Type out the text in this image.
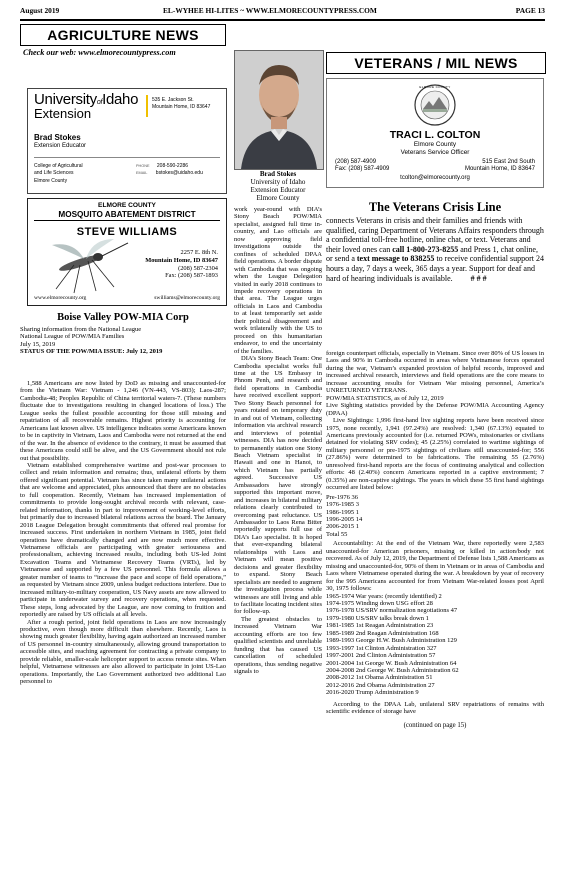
August 2019	EL-WYHEE HI-LITES ~ WWW.ELMORECOUNTYPRESS.COM	PAGE 13
AGRICULTURE NEWS
Check our web: www.elmorecountypress.com
UniversityofIdaho
Extension
535 E. Jackson St.
Mountain Home, ID 83647
Brad Stokes
Extension Educator
College of Agricultural
and Life Sciences
Elmore County
PHONE 208-590-2286
EMAIL bstokes@uidaho.edu
ELMORE COUNTY
MOSQUITO ABATEMENT DISTRICT
STEVE WILLIAMS
2257 E. 8th N.
Mountain Home, ID 83647
(208) 587-2304
Fax: (208) 587-1893
www.elmorecounty.org	swilliams@elmorecounty.org
Brad Stokes
University of Idaho
Extension Educator
Elmore County
VETERANS / MIL NEWS
ELMORE COUNTY
TRACI L. COLTON
Elmore County
Veterans Service Officer
(208) 587-4909
Fax: (208) 587-4909
515 East 2nd South
Mountain Home, ID 83647
tcolton@elmorecounty.org
The Veterans Crisis Line
connects Veterans in crisis and their families and friends with qualified, caring Department of Veterans Affairs responders through a confidential toll-free hotline, online chat, or text. Veterans and their loved ones can call 1-800-273-8255 and Press 1, chat online, or send a text message to 838255 to receive confidential support 24 hours a day, 7 days a week, 365 days a year. Support for deaf and hard of hearing individuals is available. # # #
Boise Valley POW-MIA Corp
Sharing information from the National League
National League of POW/MIA Families
July 15, 2019
STATUS OF THE POW/MIA ISSUE: July 12, 2019

1,588 Americans are now listed by DoD as missing and unaccounted-for from the Vietnam War: Vietnam - 1,246 (VN-443, VS-803); Laos-287; Cambodia-48; Peoples Republic of China territorial waters-7. (These numbers fluctuate due to investigations resulting in changed locations of loss.) The League seeks the fullest possible accounting for those still missing and repatriation of all recoverable remains. Highest priority is accounting for Americans last known alive. US intelligence indicates some Americans known to be in captivity in Vietnam, Laos and Cambodia were not returned at the end of the war. In the absence of evidence to the contrary, it must be assumed that these Americans could still be alive, and the US Government should not rule out that possibility.

Vietnam established comprehensive wartime and post-war processes to collect and retain information and remains; thus, unilateral efforts by them offered significant potential. Vietnam has since taken many unilateral actions that are welcome and appreciated, plus announced that there are no obstacles to full cooperation. Recently, Vietnam has increased implementation of commitments to provide long-sought archival records with relevant, case-related information, thanks in part to improvement of working-level efforts, but primarily due to increased bilateral relations across the board. The January 2018 League Delegation brought commitments that offered real promise for increased success. First undertaken in northern Vietnam in 1985, joint field operations have dramatically changed and are now much more effective. Vietnamese officials are participating with greater seriousness and professionalism, achieving increased results, including both US-led Joint Excavation Teams and Vietnamese Recovery Teams (VRTs), led by Vietnamese and supported by a few US personnel. This formula allows a greater number of teams to “increase the pace and scope of field operations,” as requested by Vietnam since 2009, unless budget reductions interfere. Due to increased military-to-military cooperation, US Navy assets are now allowed to participate in underwater survey and recovery operations, when requested. These steps, long advocated by the League, are now coming to fruition and reportedly are raised by US officials at all levels.

After a rough period, joint field operations in Laos are now increasingly productive, even though more difficult than elsewhere. Recently, Laos is showing much greater flexibility, having again authorized an increased number of US personnel in-country simultaneously, allowing ground transportation to accessible sites, and reaching agreement for contracting a private company to provide reliable, smaller-scale helicopter support to access remote sites. When helpful, Vietnamese witnesses are also allowed to participate in joint US-Lao operations. Importantly, the Lao Government authorized two additional Lao personnel to

work year-round with DIA’s Stony Beach POW/MIA specialist, assigned full time in-country, and Lao officials are now approving field investigations outside the confines of scheduled DPAA field operations. A border dispute with Cambodia that was ongoing when the League Delegation visited in early 2018 continues to impede recovery operations in that area. The League urges officials in Laos and Cambodia to at least temporarily set aside their political disagreement and work trilaterally with the US to proceed on this humanitarian endeavor, to end the uncertainty of the families.

DIA’s Stony Beach Team: One Cambodia specialist works full time at the US Embassy in Phnom Penh, and research and field operations in Cambodia have received excellent support. Two Stony Beach personnel for years rotated on temporary duty in and out of Vietnam, collecting information via archival research and interviews of potential witnesses. DIA has now decided to permanently station one Stony Beach Vietnam specialist in Hawaii and one in Hanoi, to which Vietnam has partially agreed. Successive US Ambassadors have strongly supported this important move, and increases in bilateral military relations clearly contributed to overcoming past reluctance. US Ambassador to Laos Rena Bitter reportedly supports full use of DIA’s Lao specialist. It is hoped that ever-expanding bilateral relationships with Laos and Vietnam will mean positive decisions and greater flexibility to expand. Stony Beach specialists are needed to augment the investigation process while witnesses are still living and able to facilitate locating incident sites for follow-up.

The greatest obstacles to increased Vietnam War accounting efforts are too few qualified scientists and unreliable funding that has caused US cancellation of scheduled operations, thus sending negative signals to

foreign counterpart officials, especially in Vietnam. Since over 80% of US losses in Laos and 90% in Cambodia occurred in areas where Vietnamese forces operated during the war, Vietnam’s expanded provision of helpful records, improved and increased archival research, interviews and field operations are the core means to increase accounting results for Vietnam War missing personnel, America’s UNRETURNED VETERANS.

POW/MIA STATISTICS, as of July 12, 2019

Live Sighting statistics provided by the Defense POW/MIA Accounting Agency (DPAA)

Live Sightings: 1,996 first-hand live sighting reports have been received since 1975, none recently, 1,941 (97.24%) are resolved: 1,340 (67.13%) equated to Americans previously accounted for (i.e. returned POWs, missionaries or civilians detained for violating SRV codes); 45 (2.25%) correlated to wartime sightings of military personnel or pre-1975 sightings of civilians still unaccounted-for; 556 (27.86%) were determined to be fabrications. The remaining 55 (2.76%) unresolved first-hand reports are the focus of continuing analytical and collection efforts: 48 (2.40%) concern Americans reported in a captive environment; 7 (0.35%) are non-captive sightings. The years in which these 55 first hand sightings occurred are listed below:

Pre-1976 36
1976-1985 3
1986-1995 1
1996-2005 14
2006-2015 1
Total 55

Accountability: At the end of the Vietnam War, there reportedly were 2,583 unaccounted-for American prisoners, missing or killed in action/body not recovered. As of July 12, 2019, the Department of Defense lists 1,588 Americans as missing and unaccounted-for, 90% of them in Vietnam or in areas of Cambodia and Laos where Vietnamese operated during the war. A breakdown by year of recovery for the 995 Americans accounted for from Vietnam War-related losses post April 30, 1975 follows:

1965-1974 War years: (recently identified) 2
1974-1975 Winding down USG effort 28
1976-1978 US/SRV normalization negotiations 47
1979-1980 US/SRV talks break down 1
1981-1985 1st Reagan Administration 23
1985-1989 2nd Reagan Administration 168
1989-1993 George H.W. Bush Administration 129
1993-1997 1st Clinton Administration 327
1997-2001 2nd Clinton Administration 57
2001-2004 1st George W. Bush Administration 64
2004-2008 2nd George W. Bush Administration 62
2008-2012 1st Obama Administration 51
2012-2016 2nd Obama Administration 27
2016-2020 Trump Administration 9

According to the DPAA Lab, unilateral SRV repatriations of remains with scientific evidence of storage have

(continued on page 15)
